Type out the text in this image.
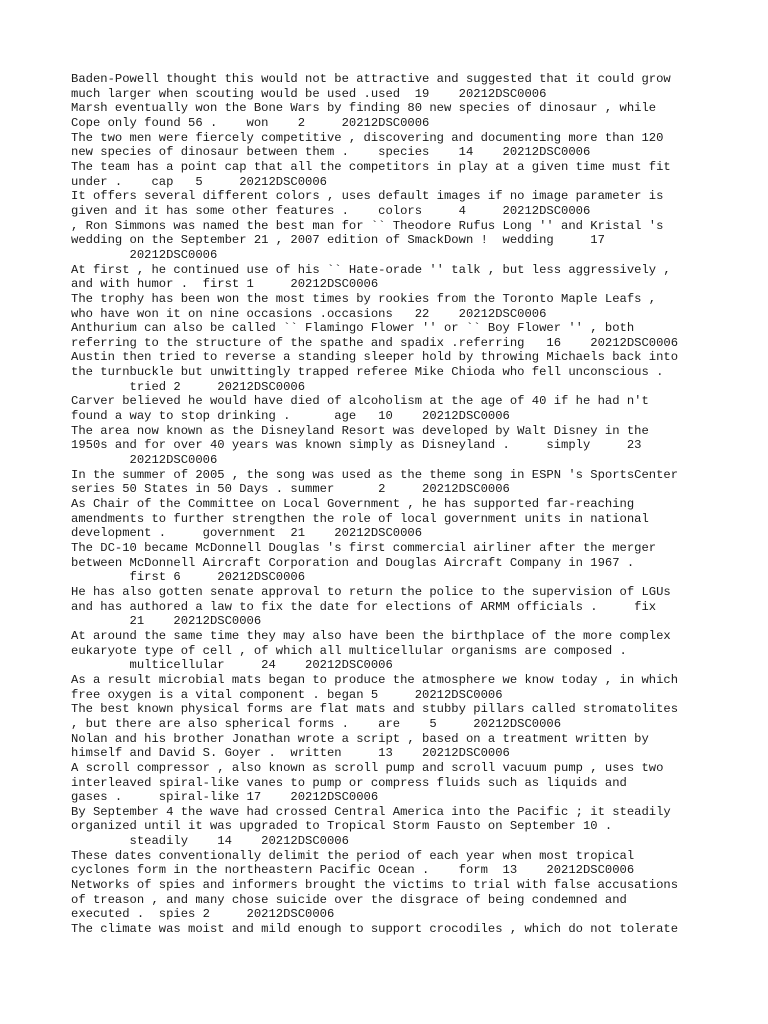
Baden-Powell thought this would not be attractive and suggested that it could grow
much larger when scouting would be used .used  19    20212DSC0006
Marsh eventually won the Bone Wars by finding 80 new species of dinosaur , while
Cope only found 56 .    won    2     20212DSC0006
The two men were fiercely competitive , discovering and documenting more than 120
new species of dinosaur between them .    species    14    20212DSC0006
The team has a point cap that all the competitors in play at a given time must fit
under .    cap   5     20212DSC0006
It offers several different colors , uses default images if no image parameter is
given and it has some other features .    colors     4     20212DSC0006
, Ron Simmons was named the best man for `` Theodore Rufus Long '' and Kristal 's
wedding on the September 21 , 2007 edition of SmackDown !  wedding     17
20212DSC0006
At first , he continued use of his `` Hate-orade '' talk , but less aggressively ,
and with humor .  first 1     20212DSC0006
The trophy has been won the most times by rookies from the Toronto Maple Leafs ,
who have won it on nine occasions .occasions   22    20212DSC0006
Anthurium can also be called `` Flamingo Flower '' or `` Boy Flower '' , both
referring to the structure of the spathe and spadix .referring   16    20212DSC0006
Austin then tried to reverse a standing sleeper hold by throwing Michaels back into
the turnbuckle but unwittingly trapped referee Mike Chioda who fell unconscious .
tried 2     20212DSC0006
Carver believed he would have died of alcoholism at the age of 40 if he had n't
found a way to stop drinking .      age   10    20212DSC0006
The area now known as the Disneyland Resort was developed by Walt Disney in the
1950s and for over 40 years was known simply as Disneyland .     simply     23
20212DSC0006
In the summer of 2005 , the song was used as the theme song in ESPN 's SportsCenter
series 50 States in 50 Days . summer      2     20212DSC0006
As Chair of the Committee on Local Government , he has supported far-reaching
amendments to further strengthen the role of local government units in national
development .     government  21    20212DSC0006
The DC-10 became McDonnell Douglas 's first commercial airliner after the merger
between McDonnell Aircraft Corporation and Douglas Aircraft Company in 1967 .
first 6     20212DSC0006
He has also gotten senate approval to return the police to the supervision of LGUs
and has authored a law to fix the date for elections of ARMM officials .     fix
21    20212DSC0006
At around the same time they may also have been the birthplace of the more complex
eukaryote type of cell , of which all multicellular organisms are composed .
multicellular     24    20212DSC0006
As a result microbial mats began to produce the atmosphere we know today , in which
free oxygen is a vital component . began 5     20212DSC0006
The best known physical forms are flat mats and stubby pillars called stromatolites
, but there are also spherical forms .    are    5     20212DSC0006
Nolan and his brother Jonathan wrote a script , based on a treatment written by
himself and David S. Goyer .  written     13    20212DSC0006
A scroll compressor , also known as scroll pump and scroll vacuum pump , uses two
interleaved spiral-like vanes to pump or compress fluids such as liquids and
gases .     spiral-like 17    20212DSC0006
By September 4 the wave had crossed Central America into the Pacific ; it steadily
organized until it was upgraded to Tropical Storm Fausto on September 10 .
steadily    14    20212DSC0006
These dates conventionally delimit the period of each year when most tropical
cyclones form in the northeastern Pacific Ocean .    form  13    20212DSC0006
Networks of spies and informers brought the victims to trial with false accusations
of treason , and many chose suicide over the disgrace of being condemned and
executed .  spies 2     20212DSC0006
The climate was moist and mild enough to support crocodiles , which do not tolerate
